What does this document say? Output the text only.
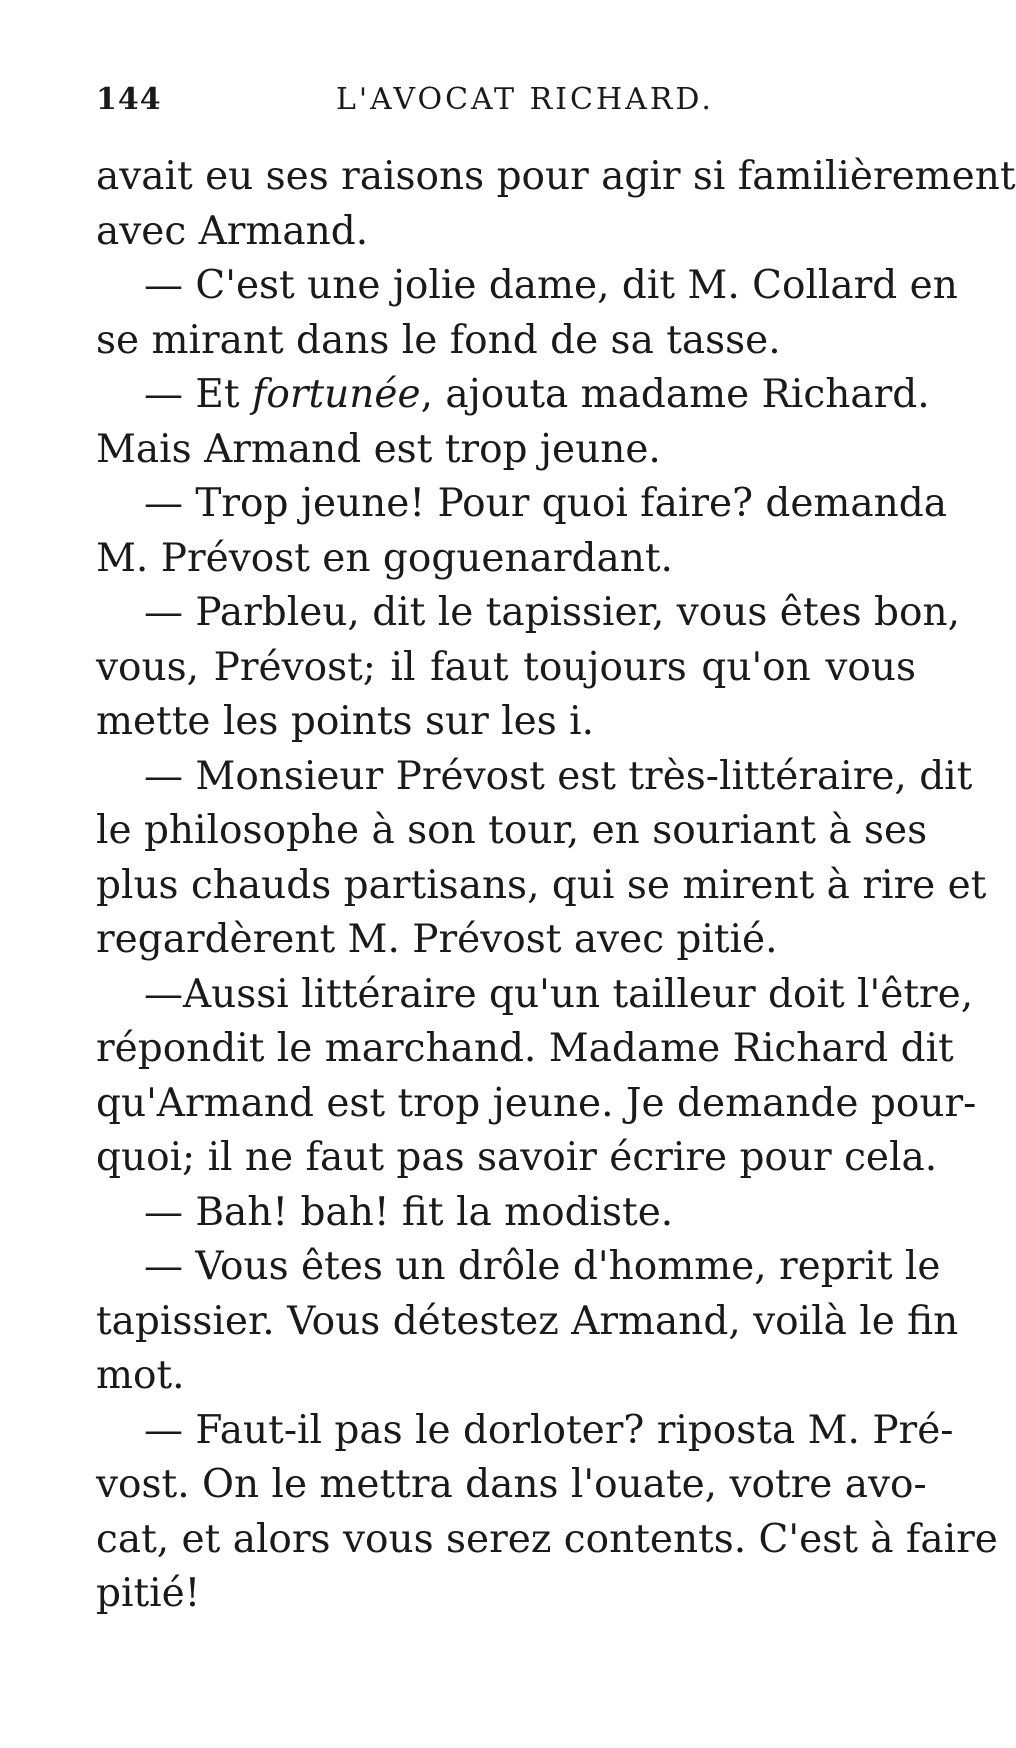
144	L'AVOCAT RICHARD.
avait eu ses raisons pour agir si familièrement
avec Armand.
— C'est une jolie dame, dit M. Collard en
se mirant dans le fond de sa tasse.
— Et fortunée, ajouta madame Richard.
Mais Armand est trop jeune.
— Trop jeune! Pour quoi faire? demanda
M. Prévost en goguenardant.
— Parbleu, dit le tapissier, vous êtes bon,
vous, Prévost; il faut toujours qu'on vous
mette les points sur les i.
— Monsieur Prévost est très-littéraire, dit
le philosophe à son tour, en souriant à ses
plus chauds partisans, qui se mirent à rire et
regardèrent M. Prévost avec pitié.
—Aussi littéraire qu'un tailleur doit l'être,
répondit le marchand. Madame Richard dit
qu'Armand est trop jeune. Je demande pour-
quoi; il ne faut pas savoir écrire pour cela.
— Bah! bah! fit la modiste.
— Vous êtes un drôle d'homme, reprit le
tapissier. Vous détestez Armand, voilà le fin
mot.
— Faut-il pas le dorloter? riposta M. Pré-
vost. On le mettra dans l'ouate, votre avo-
cat, et alors vous serez contents. C'est à faire
pitié!
